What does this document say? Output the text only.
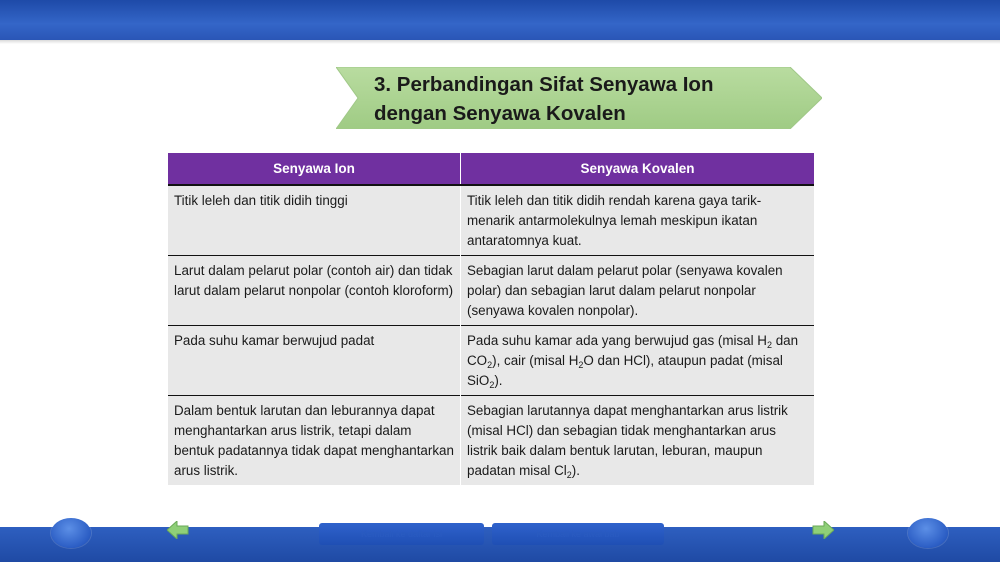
3. Perbandingan Sifat Senyawa Ion
dengan Senyawa Kovalen
Senyawa Ion	Senyawa Kovalen
Titik leleh dan titik didih tinggi	Titik leleh dan titik didih rendah karena gaya tarik-menarik antarmolekulnya lemah meskipun ikatan antaratomnya kuat.
Larut dalam pelarut polar (contoh air) dan tidak larut dalam pelarut nonpolar (contoh kloroform)	Sebagian larut dalam pelarut polar (senyawa kovalen polar) dan sebagian larut dalam pelarut nonpolar (senyawa kovalen nonpolar).
Pada suhu kamar berwujud padat	Pada suhu kamar ada yang berwujud gas (misal $H_2$ dan $CO_2$), cair (misal $H_2O$ dan HCl), ataupun padat (misal SiO$_2$).
Dalam bentuk larutan dan leburannya dapat menghantarkan arus listrik, tetapi dalam bentuk padatannya tidak dapat menghantarkan arus listrik.	Sebagian larutannya dapat menghantarkan arus listrik (misal HCl) dan sebagian tidak menghantarkan arus listrik baik dalam bentuk larutan, leburan, maupun padatan misal $Cl_2$).
Kembali ke daftar isi	Kembali ke awal bab
